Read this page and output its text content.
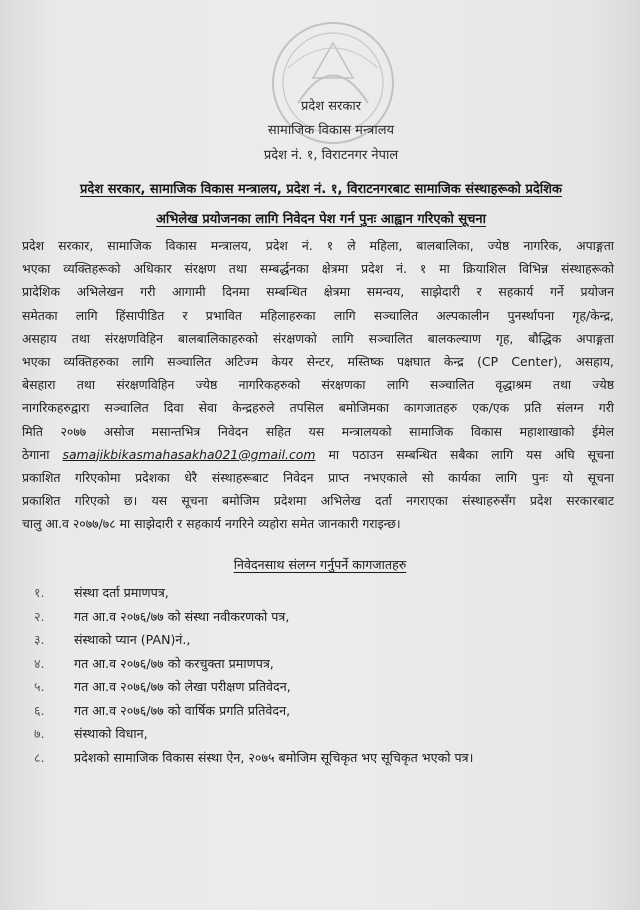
प्रदेश सरकार
सामाजिक विकास मन्त्रालय
प्रदेश नं. १, विराटनगर नेपाल
प्रदेश सरकार, सामाजिक विकास मन्त्रालय, प्रदेश नं. १, विराटनगरबाट सामाजिक संस्थाहरूको प्रदेशिक
अभिलेख प्रयोजनका लागि निवेदन पेश गर्न पुनः आह्वान गरिएको सूचना
प्रदेश सरकार, सामाजिक विकास मन्त्रालय, प्रदेश नं. १ ले महिला, बालबालिका, ज्येष्ठ नागरिक, अपाङ्गता
भएका व्यक्तिहरूको अधिकार संरक्षण तथा सम्बर्द्धनका क्षेत्रमा प्रदेश नं. १ मा क्रियाशिल विभिन्न संस्थाहरूको
प्रादेशिक अभिलेखन गरी आगामी दिनमा सम्बन्धित क्षेत्रमा समन्वय, साझेदारी र सहकार्य गर्ने प्रयोजन
समेतका लागि हिंसापीडित र प्रभावित महिलाहरुका लागि सञ्चालित अल्पकालीन पुनर्स्थापना गृह/केन्द्र,
असहाय तथा संरक्षणविहिन बालबालिकाहरुको संरक्षणको लागि सञ्चालित बालकल्याण गृह, बौद्धिक अपाङ्गता
भएका व्यक्तिहरुका लागि सञ्चालित अटिज्म केयर सेन्टर, मस्तिष्क पक्षघात केन्द्र (CP Center), असहाय,
बेसहारा तथा संरक्षणविहिन ज्येष्ठ नागरिकहरुको संरक्षणका लागि सञ्चालित वृद्धाश्रम तथा ज्येष्ठ
नागरिकहरुद्वारा सञ्चालित दिवा सेवा केन्द्रहरुले तपसिल बमोजिमका कागजातहरु एक/एक प्रति संलग्न गरी
मिति २०७७ असोज मसान्तभित्र निवेदन सहित यस मन्त्रालयको सामाजिक विकास महाशाखाको ईमेल
ठेगाना samajikbikasmahasakha021@gmail.com मा पठाउन सम्बन्धित सबैका लागि यस अघि सूचना
प्रकाशित गरिएकोमा प्रदेशका धेरै संस्थाहरूबाट निवेदन प्राप्त नभएकाले सो कार्यका लागि पुनः यो सूचना
प्रकाशित गरिएको छ। यस सूचना बमोजिम प्रदेशमा अभिलेख दर्ता नगराएका संस्थाहरुसँग प्रदेश सरकारबाट
चालु आ.व २०७७/७८ मा साझेदारी र सहकार्य नगरिने व्यहोरा समेत जानकारी गराइन्छ।
निवेदनसाथ संलग्न गर्नुपर्ने कागजातहरु
१.	संस्था दर्ता प्रमाणपत्र,
२.	गत आ.व २०७६/७७ को संस्था नवीकरणको पत्र,
३.	संस्थाको प्यान (PAN)नं.,
४.	गत आ.व २०७६/७७ को करचुक्ता प्रमाणपत्र,
५.	गत आ.व २०७६/७७ को लेखा परीक्षण प्रतिवेदन,
६.	गत आ.व २०७६/७७ को वार्षिक प्रगति प्रतिवेदन,
७.	संस्थाको विधान,
८.	प्रदेशको सामाजिक विकास संस्था ऐन, २०७५ बमोजिम सूचिकृत भए सूचिकृत भएको पत्र।
